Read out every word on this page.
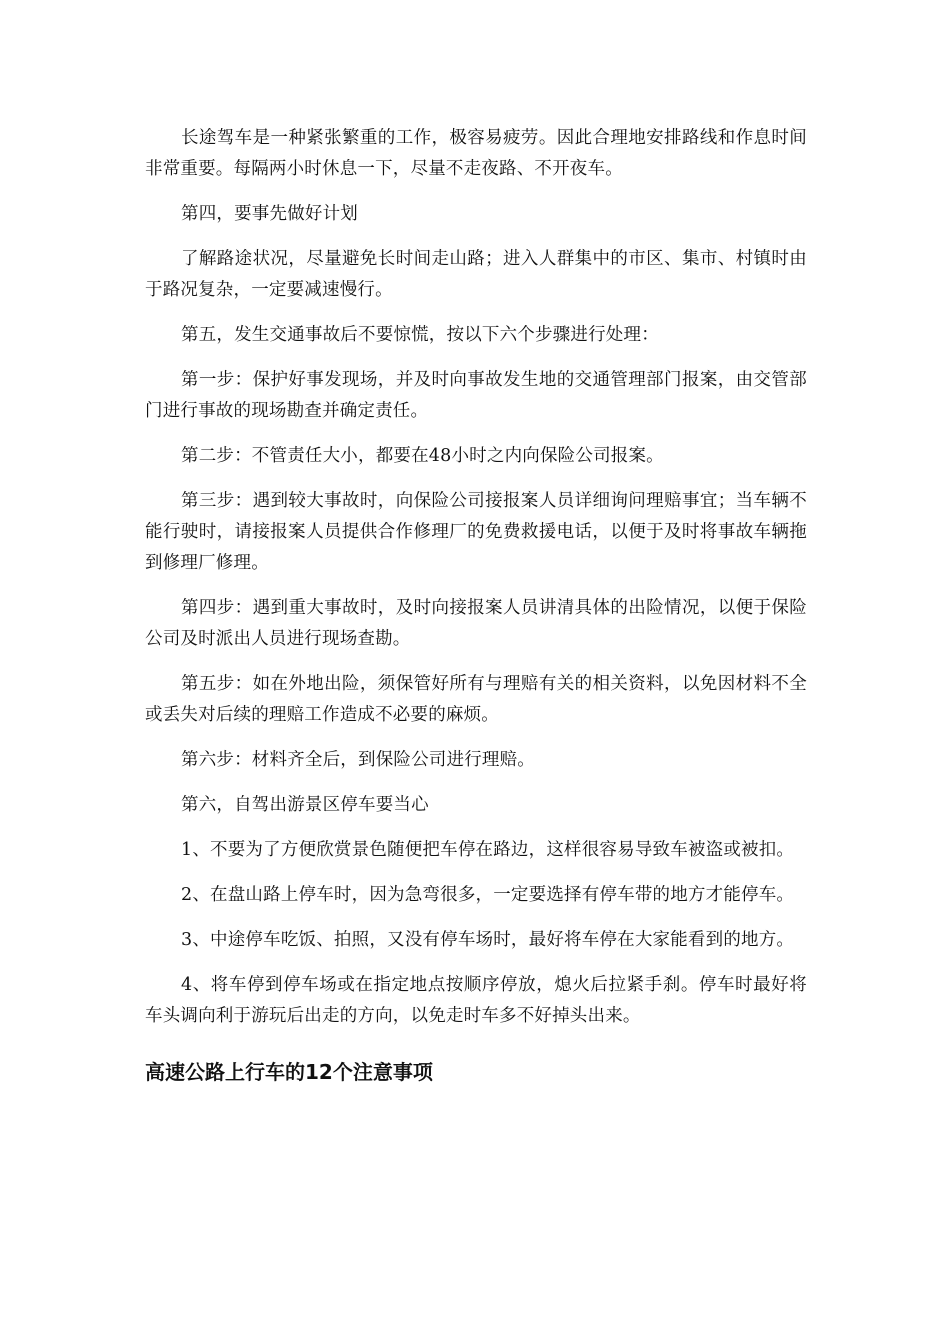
长途驾车是一种紧张繁重的工作，极容易疲劳。因此合理地安排路线和作息时间非常重要。每隔两小时休息一下，尽量不走夜路、不开夜车。

第四，要事先做好计划

了解路途状况，尽量避免长时间走山路；进入人群集中的市区、集市、村镇时由于路况复杂，一定要减速慢行。

第五，发生交通事故后不要惊慌，按以下六个步骤进行处理：

第一步：保护好事发现场，并及时向事故发生地的交通管理部门报案，由交管部门进行事故的现场勘查并确定责任。

第二步：不管责任大小，都要在48小时之内向保险公司报案。

第三步：遇到较大事故时，向保险公司接报案人员详细询问理赔事宜；当车辆不能行驶时，请接报案人员提供合作修理厂的免费救援电话，以便于及时将事故车辆拖到修理厂修理。

第四步：遇到重大事故时，及时向接报案人员讲清具体的出险情况，以便于保险公司及时派出人员进行现场查勘。

第五步：如在外地出险，须保管好所有与理赔有关的相关资料，以免因材料不全或丢失对后续的理赔工作造成不必要的麻烦。

第六步：材料齐全后，到保险公司进行理赔。

第六，自驾出游景区停车要当心

1、不要为了方便欣赏景色随便把车停在路边，这样很容易导致车被盗或被扣。

2、在盘山路上停车时，因为急弯很多，一定要选择有停车带的地方才能停车。

3、中途停车吃饭、拍照，又没有停车场时，最好将车停在大家能看到的地方。

4、将车停到停车场或在指定地点按顺序停放，熄火后拉紧手刹。停车时最好将车头调向利于游玩后出走的方向，以免走时车多不好掉头出来。

高速公路上行车的12个注意事项
